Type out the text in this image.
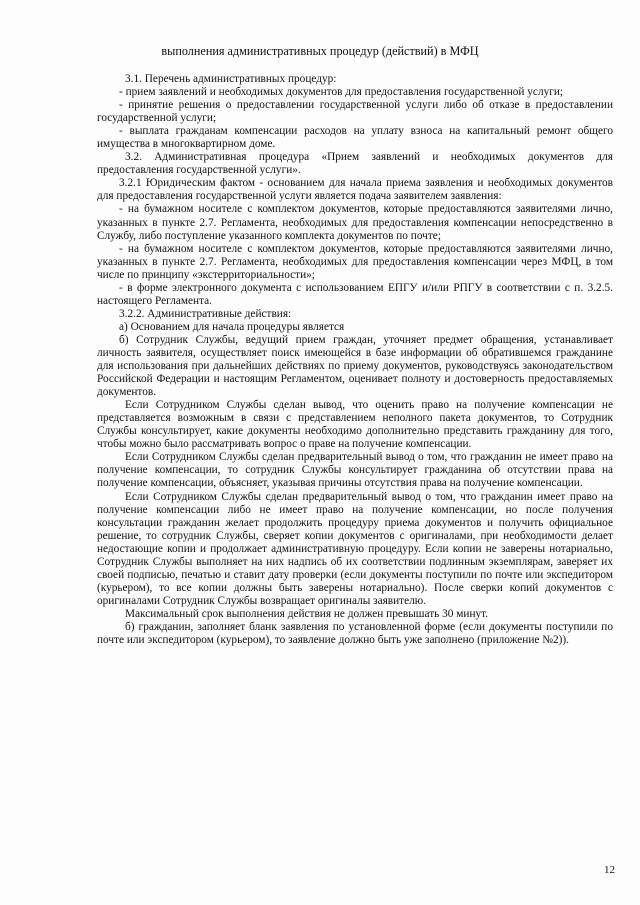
выполнения административных процедур (действий) в МФЦ

3.1. Перечень административных процедур:

- прием заявлений и необходимых документов для предоставления государственной услуги;

- принятие решения о предоставлении государственной услуги либо об отказе в предоставлении государственной услуги;

- выплата гражданам компенсации расходов на уплату взноса на капитальный ремонт общего имущества в многоквартирном доме.

3.2. Административная процедура «Прием заявлений и необходимых документов для предоставления государственной услуги».

3.2.1 Юридическим фактом - основанием для начала приема заявления и необходимых документов для предоставления государственной услуги является подача заявителем заявления:

- на бумажном носителе с комплектом документов, которые предоставляются заявителями лично, указанных в пункте 2.7. Регламента, необходимых для предоставления компенсации непосредственно в Службу, либо поступление указанного комплекта документов по почте;

- на бумажном носителе с комплектом документов, которые предоставляются заявителями лично, указанных в пункте 2.7. Регламента, необходимых для предоставления компенсации через МФЦ, в том числе по принципу «экстерриториальности»;

- в форме электронного документа с использованием ЕПГУ и/или РПГУ в соответствии с п. 3.2.5. настоящего Регламента.

3.2.2. Административные действия:

а) Основанием для начала процедуры является

б) Сотрудник Службы, ведущий прием граждан, уточняет предмет обращения, устанавливает личность заявителя, осуществляет поиск имеющейся в базе информации об обратившемся гражданине для использования при дальнейших действиях по приему документов, руководствуясь законодательством Российской Федерации и настоящим Регламентом, оценивает полноту и достоверность предоставляемых документов.

Если Сотрудником Службы сделан вывод, что оценить право на получение компенсации не представляется возможным в связи с представлением неполного пакета документов, то Сотрудник Службы консультирует, какие документы необходимо дополнительно представить гражданину для того, чтобы можно было рассматривать вопрос о праве на получение компенсации.

Если Сотрудником Службы сделан предварительный вывод о том, что гражданин не имеет право на получение компенсации, то сотрудник Службы консультирует гражданина об отсутствии права на получение компенсации, объясняет, указывая причины отсутствия права на получение компенсации.

Если Сотрудником Службы сделан предварительный вывод о том, что гражданин имеет право на получение компенсации либо не имеет право на получение компенсации, но после получения консультации гражданин желает продолжить процедуру приема документов и получить официальное решение, то сотрудник Службы, сверяет копии документов с оригиналами, при необходимости делает недостающие копии и продолжает административную процедуру. Если копии не заверены нотариально, Сотрудник Службы выполняет на них надпись об их соответствии подлинным экземплярам, заверяет их своей подписью, печатью и ставит дату проверки (если документы поступили по почте или экспедитором (курьером), то все копии должны быть заверены нотариально). После сверки копий документов с оригиналами Сотрудник Службы возвращает оригиналы заявителю.

Максимальный срок выполнения действия не должен превышать 30 минут.

б) гражданин, заполняет бланк заявления по установленной форме (если документы поступили по почте или экспедитором (курьером), то заявление должно быть уже заполнено (приложение №2)).

12
